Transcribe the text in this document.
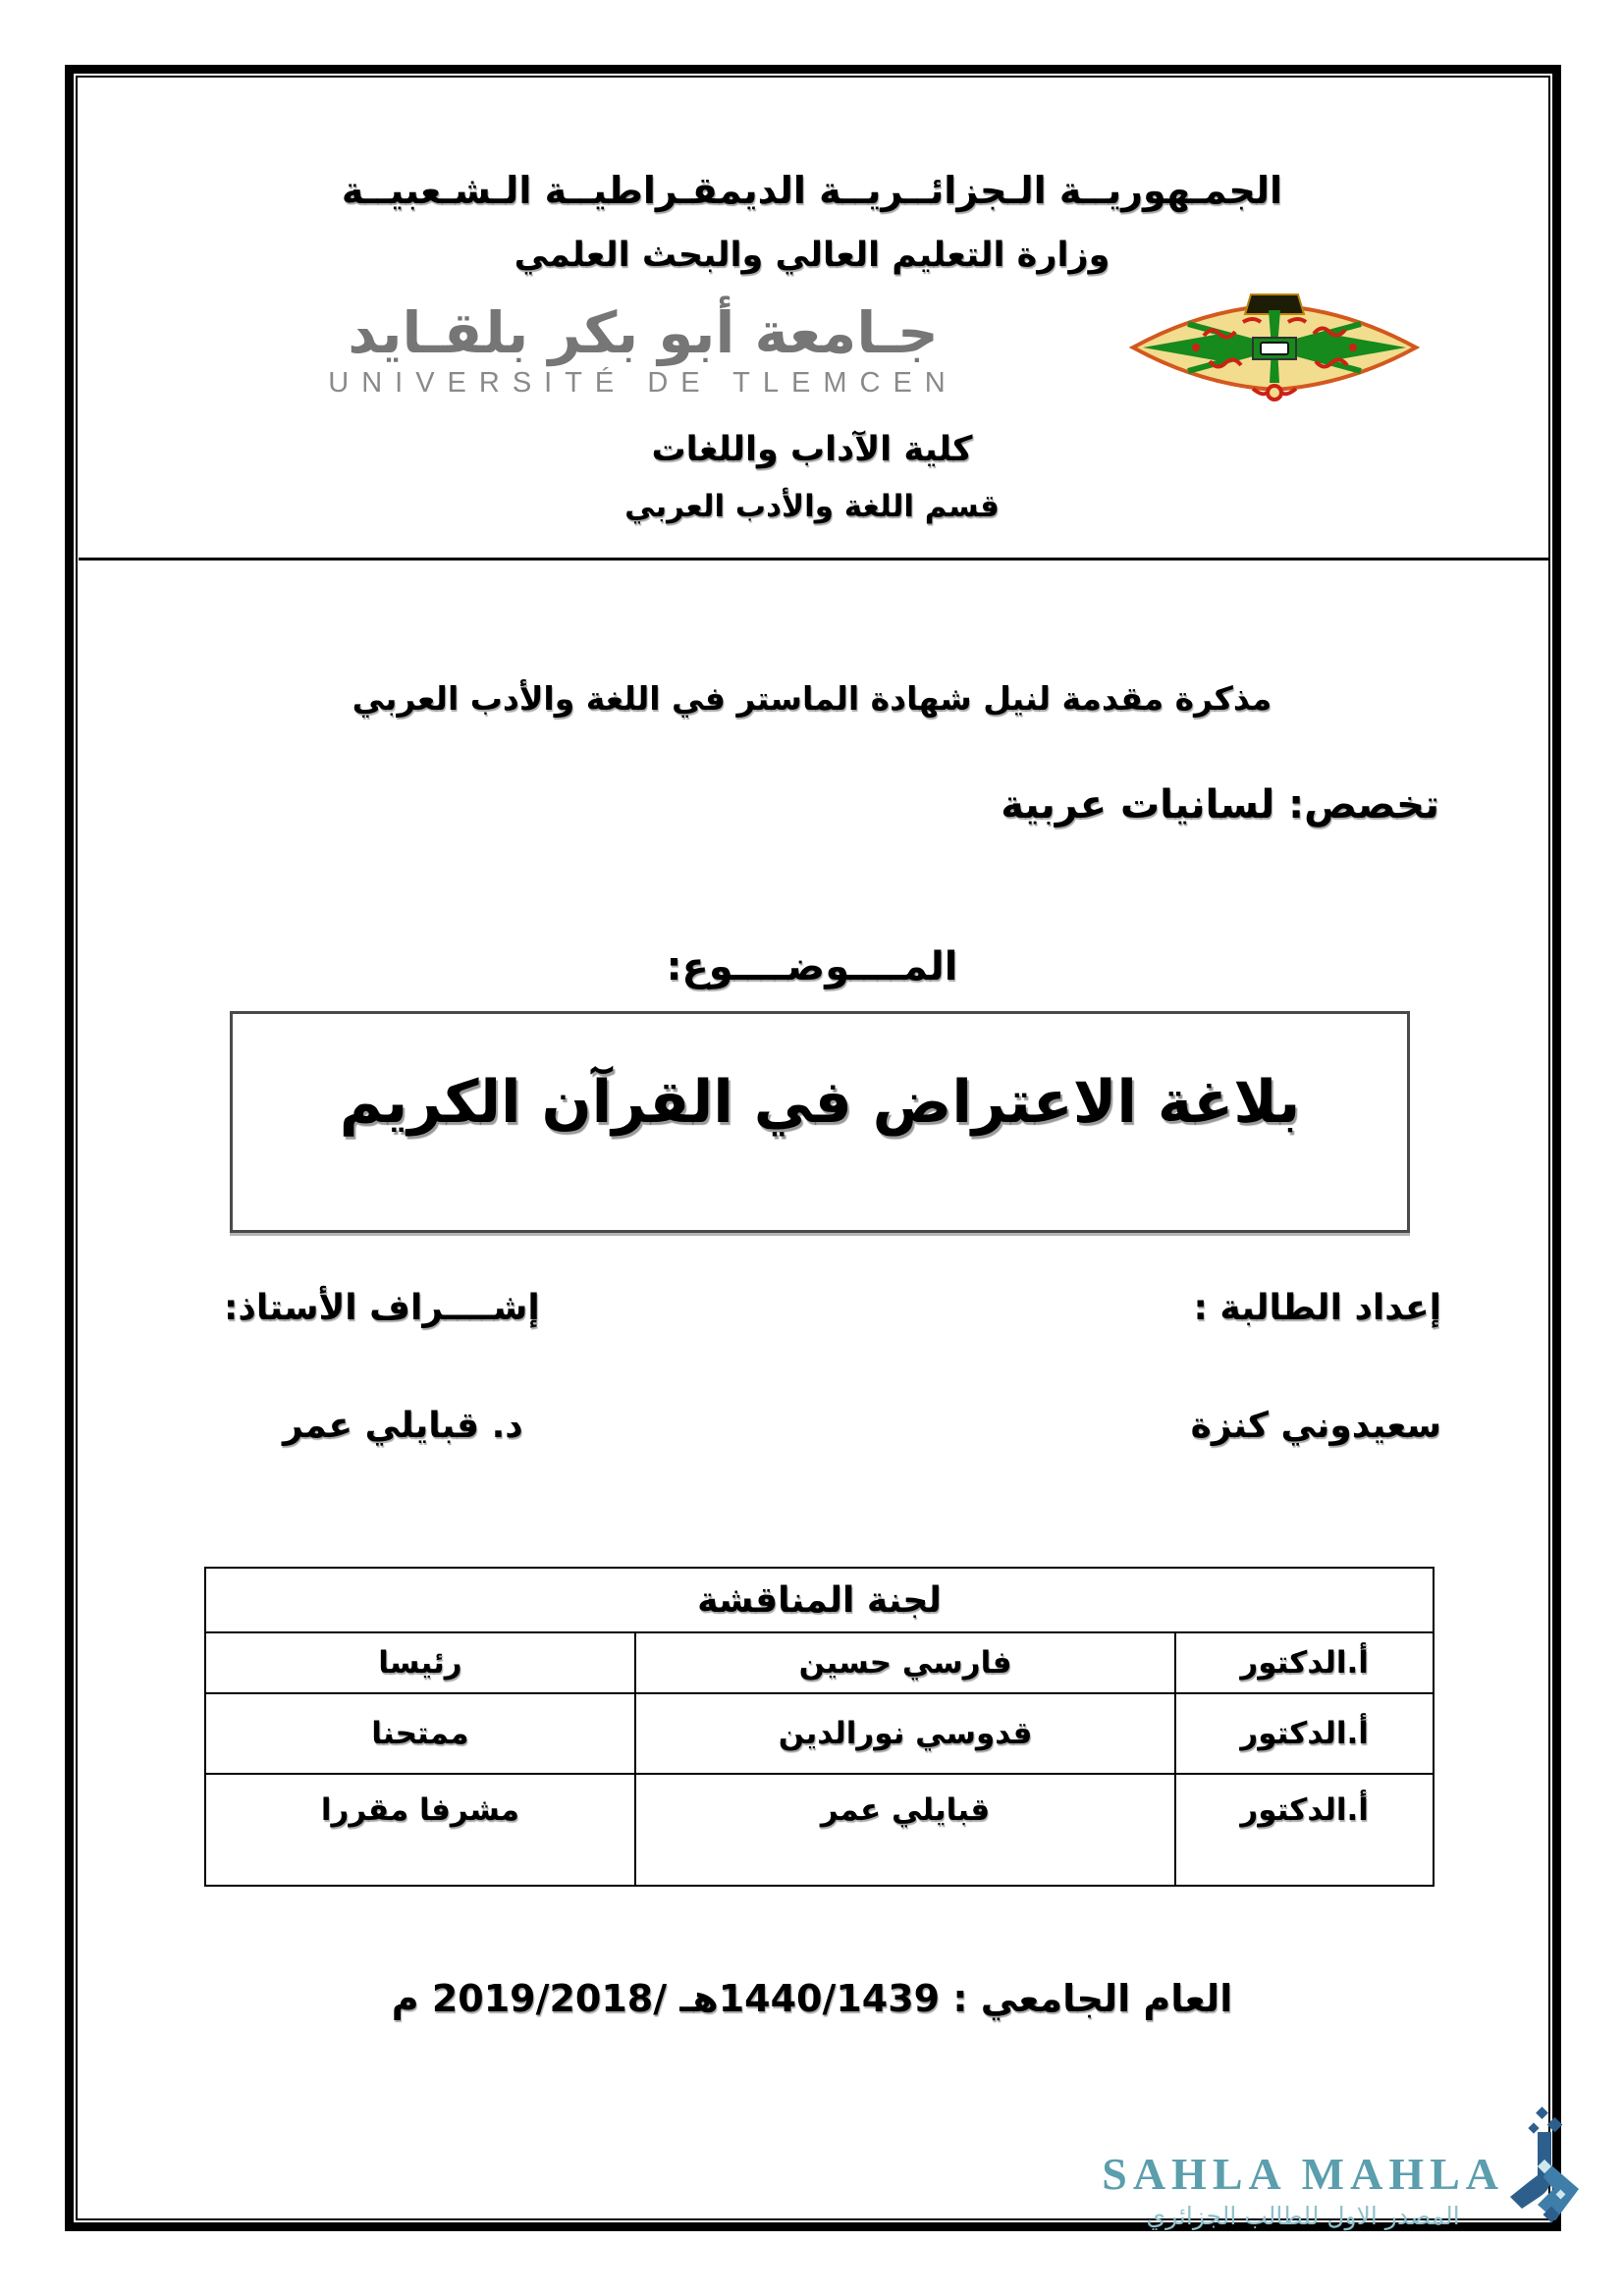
الجمـهوريــة الـجزائــريــة الديمقـراطيــة الـشـعبيــة
وزارة التعليم العالي والبحث العلمي
جـامعة أبو بكر بلقـايد
UNIVERSITÉ DE TLEMCEN
كلية الآداب واللغات
قسم اللغة والأدب العربي
مذكرة مقدمة لنيل شهادة الماستر في اللغة والأدب العربي
تخصص: لسانيات عربية
المــــوضــــوع:
بلاغة الاعتراض في القرآن الكريم
إعداد الطالبة :
إشــــراف الأستاذ:
سعيدوني كنزة
د. قبايلي عمر
لجنة المناقشة		
أ.الدكتور	فارسي حسين	رئيسا
أ.الدكتور	قدوسي نورالدين	ممتحنا
أ.الدكتور	قبايلي عمر	مشرفا مقررا
العام الجامعي : 1440/1439هـ /2019/2018 م
SAHLA MAHLA
المصدر الاول للطالب الجزائري
